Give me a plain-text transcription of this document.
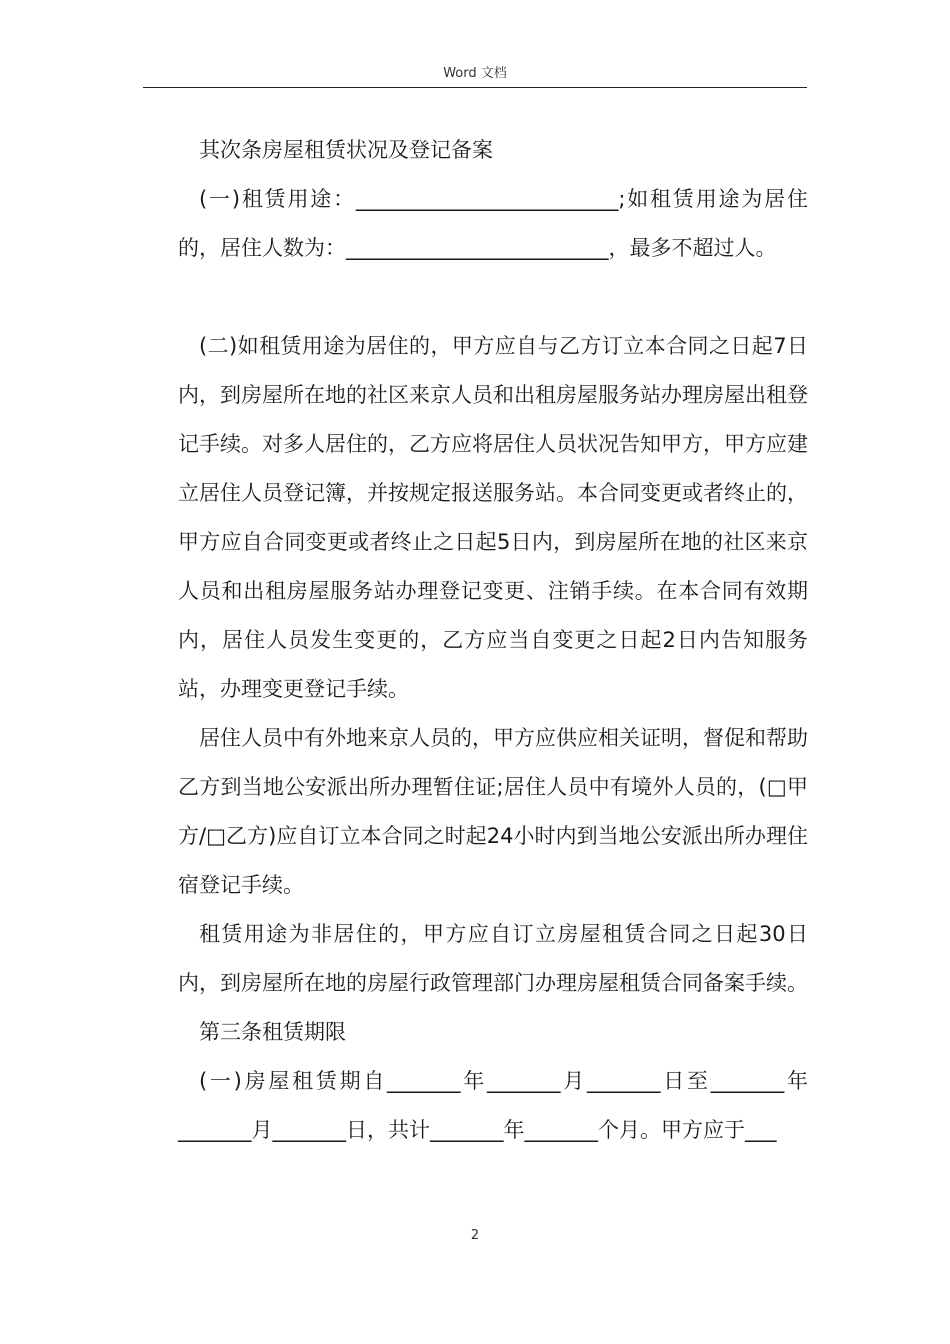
Word 文档

其次条房屋租赁状况及登记备案

(一)租赁用途：_________________________;如租赁用途为居住的，居住人数为：_________________________，最多不超过人。

(二)如租赁用途为居住的，甲方应自与乙方订立本合同之日起7日内，到房屋所在地的社区来京人员和出租房屋服务站办理房屋出租登记手续。对多人居住的，乙方应将居住人员状况告知甲方，甲方应建立居住人员登记簿，并按规定报送服务站。本合同变更或者终止的，甲方应自合同变更或者终止之日起5日内，到房屋所在地的社区来京人员和出租房屋服务站办理登记变更、注销手续。在本合同有效期内，居住人员发生变更的，乙方应当自变更之日起2日内告知服务站，办理变更登记手续。

居住人员中有外地来京人员的，甲方应供应相关证明，督促和帮助乙方到当地公安派出所办理暂住证;居住人员中有境外人员的，(□甲方/□乙方)应自订立本合同之时起24小时内到当地公安派出所办理住宿登记手续。

租赁用途为非居住的，甲方应自订立房屋租赁合同之日起30日内，到房屋所在地的房屋行政管理部门办理房屋租赁合同备案手续。

第三条租赁期限

(一)房屋租赁期自_______年_______月_______日至_______年_______月_______日，共计_______年_______个月。甲方应于___

2
